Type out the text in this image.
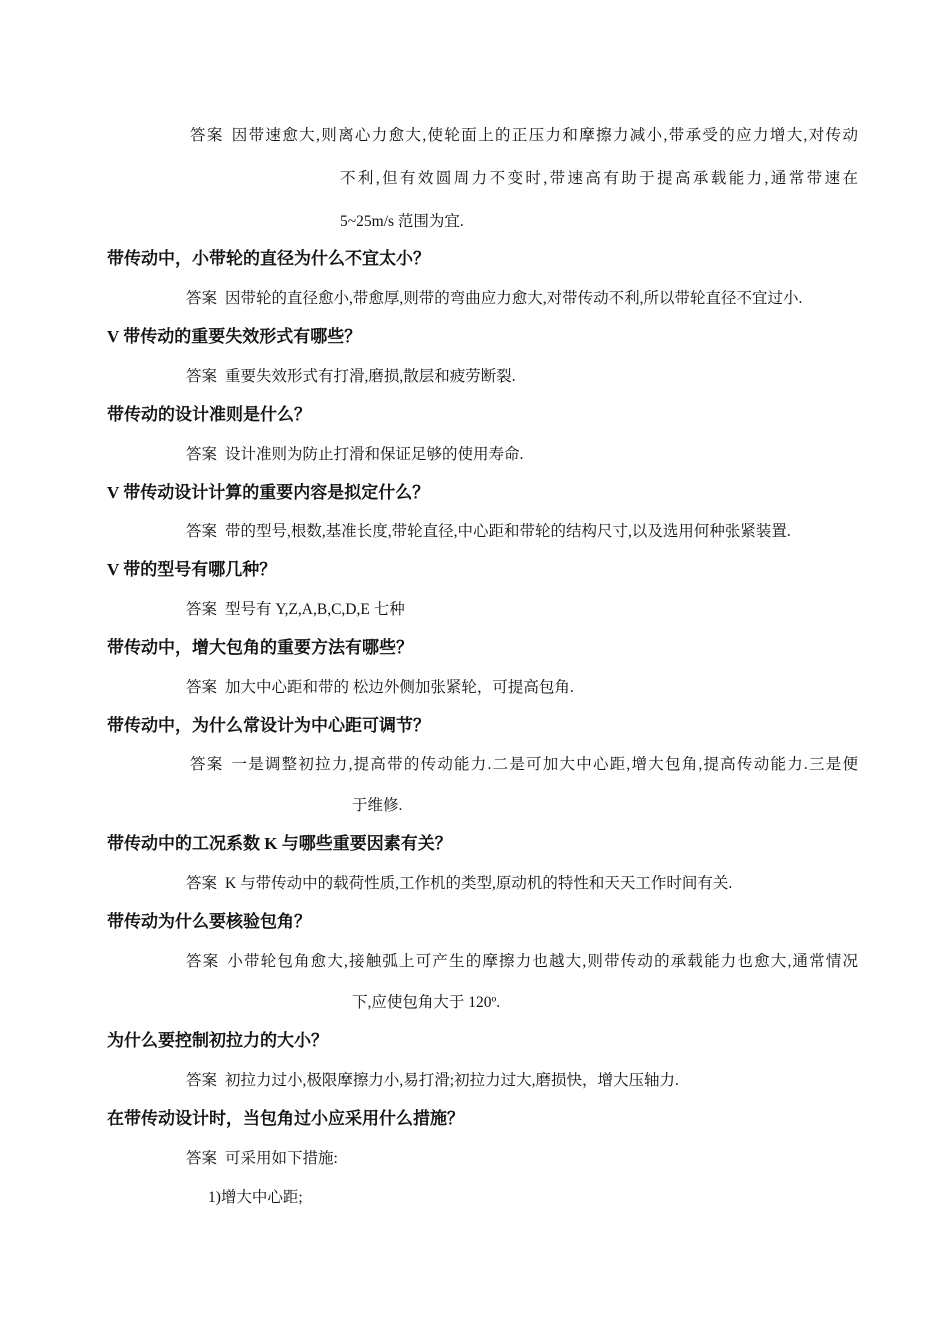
答案 因带速愈大,则离心力愈大,使轮面上的正压力和摩擦力减小,带承受的应力增大,对传动
不利,但有效圆周力不变时,带速高有助于提高承载能力,通常带速在
5~25m/s 范围为宜.
带传动中，小带轮的直径为什么不宜太小？
答案 因带轮的直径愈小,带愈厚,则带的弯曲应力愈大,对带传动不利,所以带轮直径不宜过小.
V 带传动的重要失效形式有哪些？
答案 重要失效形式有打滑,磨损,散层和疲劳断裂.
带传动的设计准则是什么？
答案 设计准则为防止打滑和保证足够的使用寿命.
V 带传动设计计算的重要内容是拟定什么？
答案 带的型号,根数,基准长度,带轮直径,中心距和带轮的结构尺寸,以及选用何种张紧装置.
V 带的型号有哪几种？
答案 型号有 Y,Z,A,B,C,D,E 七种
带传动中，增大包角的重要方法有哪些？
答案 加大中心距和带的 松边外侧加张紧轮，可提高包角.
带传动中，为什么常设计为中心距可调节？
答案 一是调整初拉力,提高带的传动能力.二是可加大中心距,增大包角,提高传动能力.三是便
于维修.
带传动中的工况系数 K 与哪些重要因素有关？
答案 K 与带传动中的载荷性质,工作机的类型,原动机的特性和天天工作时间有关.
带传动为什么要核验包角？
答案 小带轮包角愈大,接触弧上可产生的摩擦力也越大,则带传动的承载能力也愈大,通常情况
下,应使包角大于 120º.
为什么要控制初拉力的大小？
答案 初拉力过小,极限摩擦力小,易打滑;初拉力过大,磨损快，增大压轴力.
在带传动设计时，当包角过小应采用什么措施？
答案 可采用如下措施:
1)增大中心距;
